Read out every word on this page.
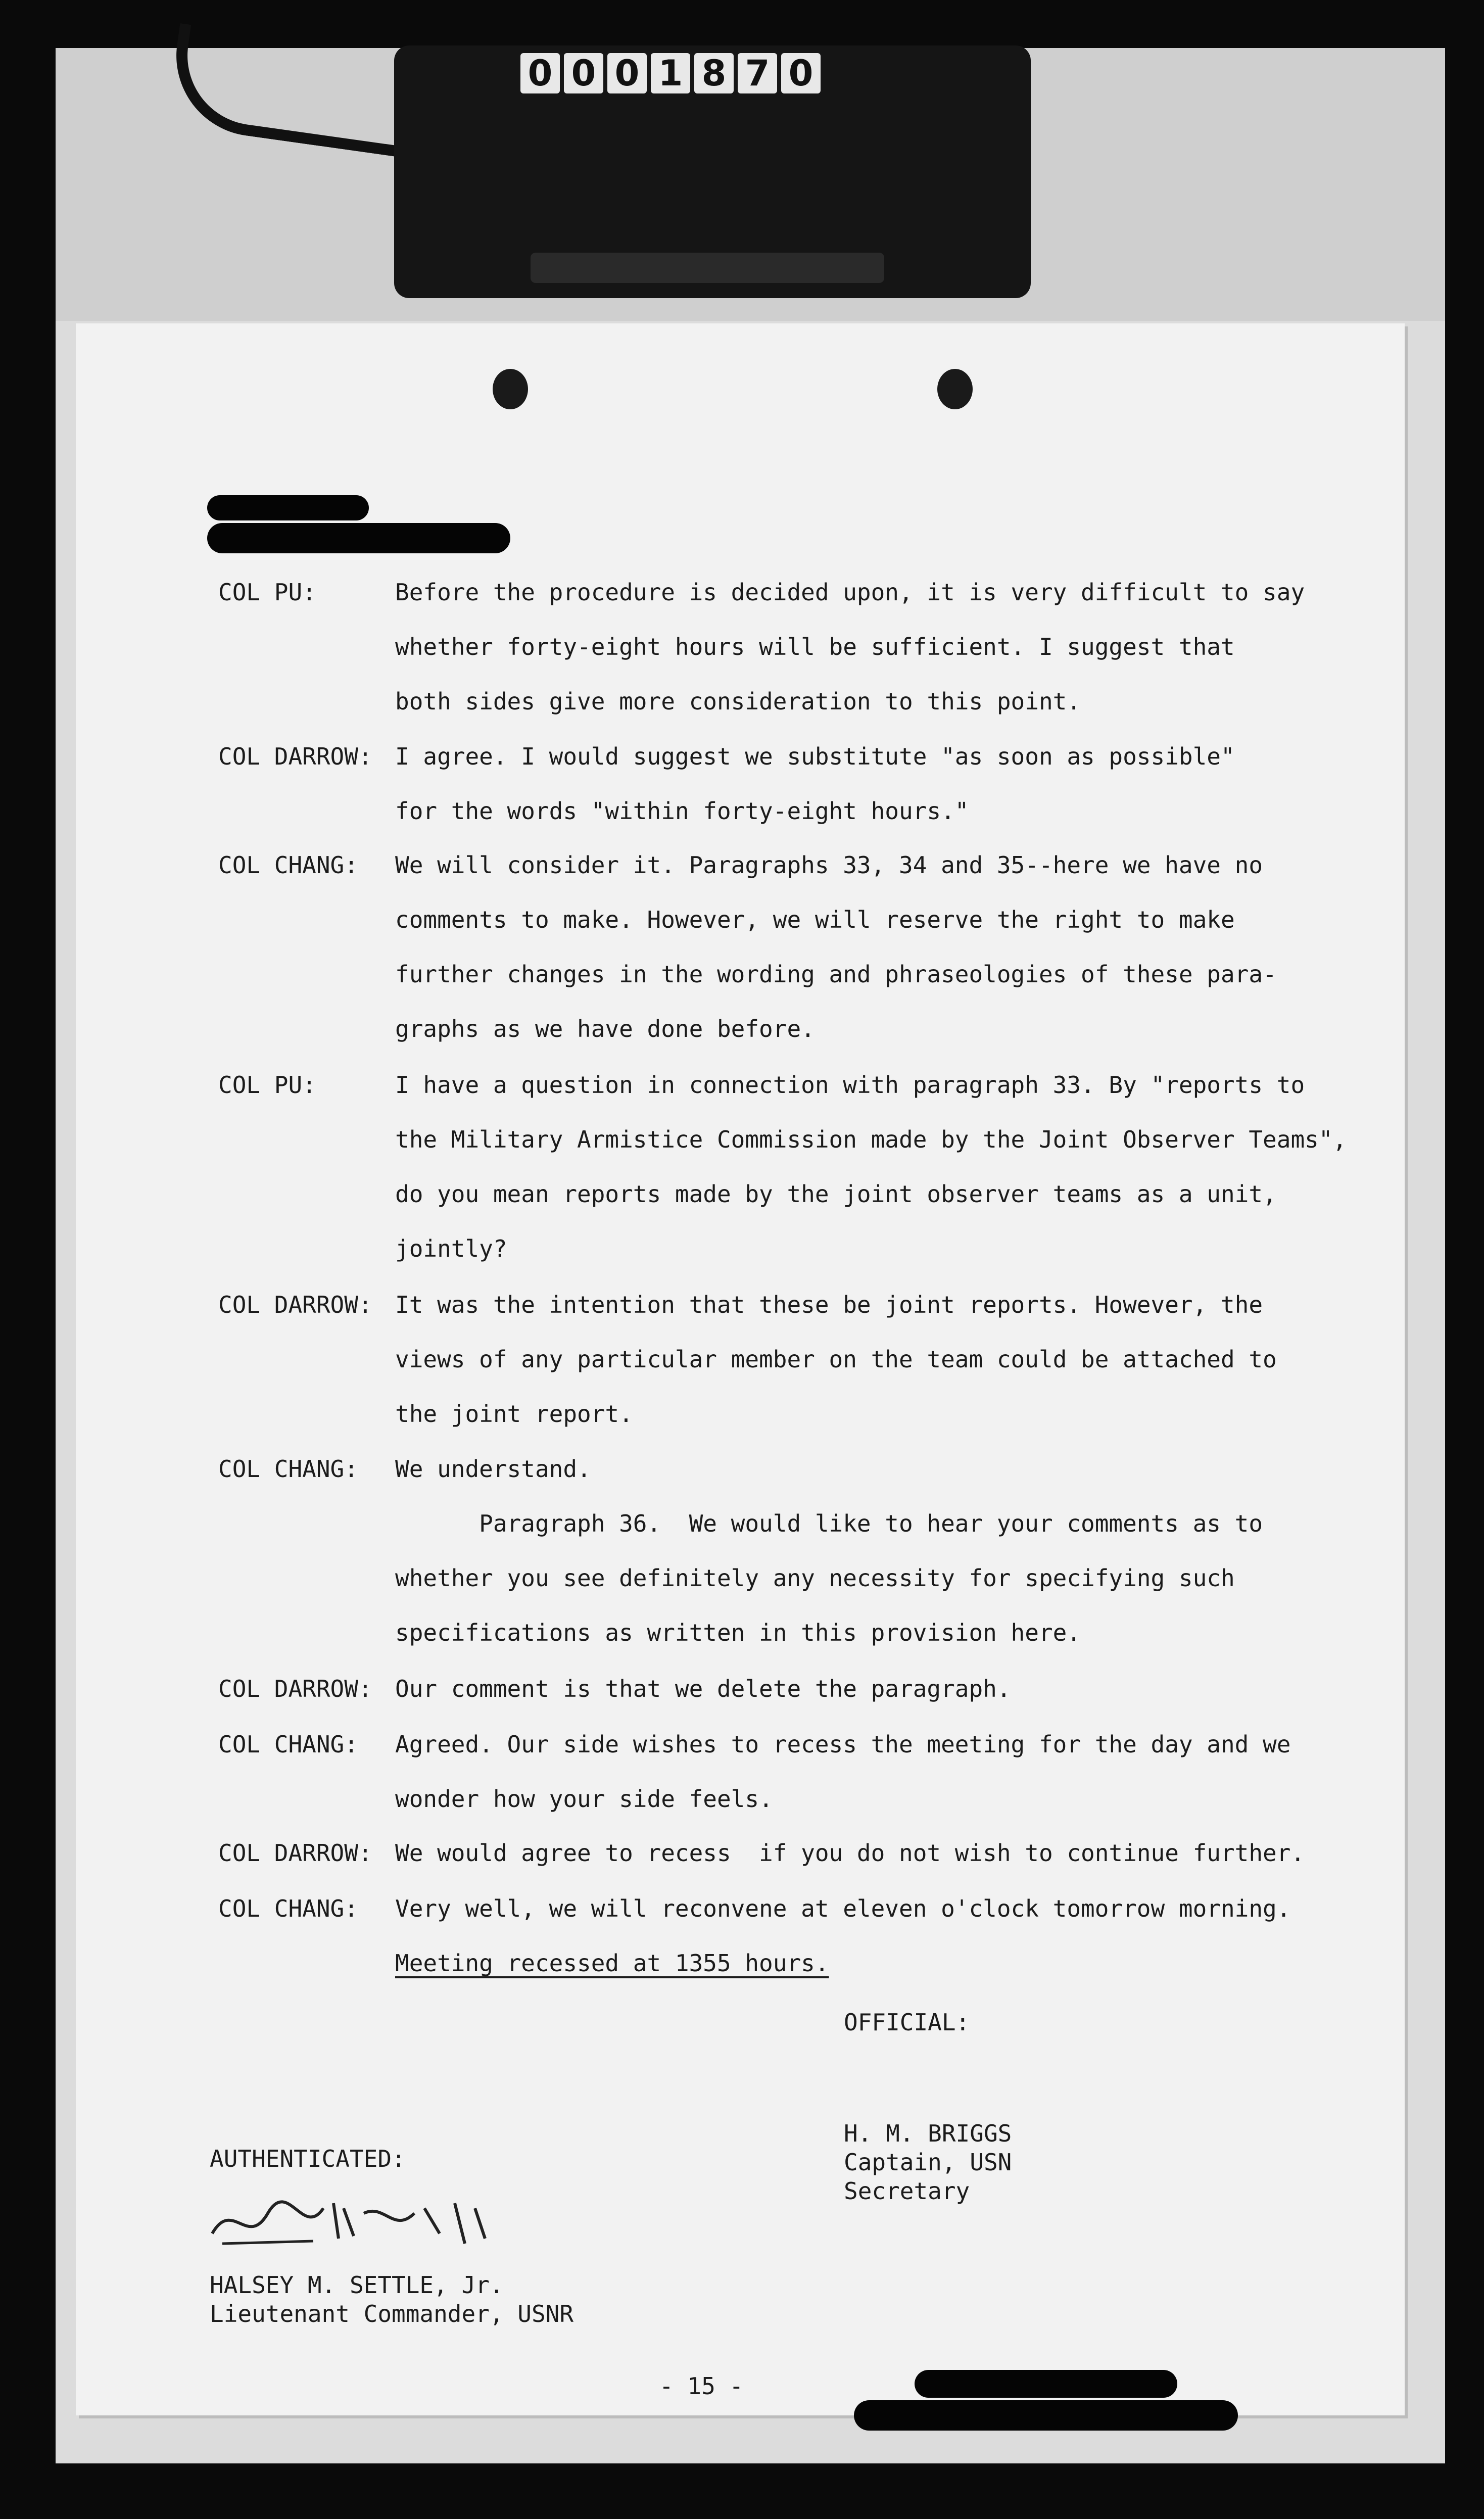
0 0 0 1 8 7 0
COL PU:	Before the procedure is decided upon, it is very difficult to say
whether forty-eight hours will be sufficient. I suggest that
both sides give more consideration to this point.
COL DARROW: I agree. I would suggest we substitute "as soon as possible"
for the words "within forty-eight hours."
COL CHANG: We will consider it. Paragraphs 33, 34 and 35--here we have no
comments to make. However, we will reserve the right to make
further changes in the wording and phraseologies of these para-
graphs as we have done before.
COL PU:	I have a question in connection with paragraph 33. By "reports to
the Military Armistice Commission made by the Joint Observer Teams",
do you mean reports made by the joint observer teams as a unit,
jointly?
COL DARROW: It was the intention that these be joint reports. However, the
views of any particular member on the team could be attached to
the joint report.
COL CHANG: We understand.
Paragraph 36.  We would like to hear your comments as to
whether you see definitely any necessity for specifying such
specifications as written in this provision here.
COL DARROW: Our comment is that we delete the paragraph.
COL CHANG: Agreed. Our side wishes to recess the meeting for the day and we
wonder how your side feels.
COL DARROW: We would agree to recess  if you do not wish to continue further.
COL CHANG: Very well, we will reconvene at eleven o'clock tomorrow morning.
Meeting recessed at 1355 hours.
OFFICIAL:
H. M. BRIGGS
Captain, USN
Secretary
AUTHENTICATED:
HALSEY M. SETTLE, Jr.
Lieutenant Commander, USNR
- 15 -
